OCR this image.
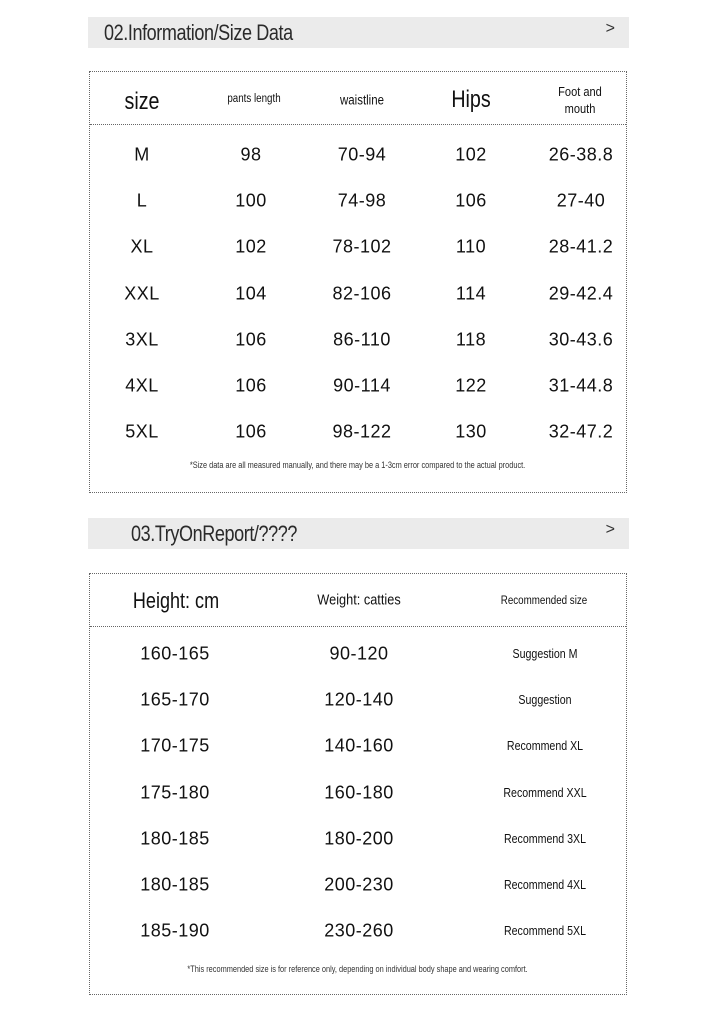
02.Information/Size Data	>
size	pants length	waistline	Hips	Foot and mouth
M	98	70-94	102	26-38.8
L	100	74-98	106	27-40
XL	102	78-102	110	28-41.2
XXL	104	82-106	114	29-42.4
3XL	106	86-110	118	30-43.6
4XL	106	90-114	122	31-44.8
5XL	106	98-122	130	32-47.2
*Size data are all measured manually, and there may be a 1-3cm error compared to the actual product.
03.TryOnReport/????	>
Height: cm	Weight: catties	Recommended size
160-165	90-120	Suggestion M
165-170	120-140	Suggestion
170-175	140-160	Recommend XL
175-180	160-180	Recommend XXL
180-185	180-200	Recommend 3XL
180-185	200-230	Recommend 4XL
185-190	230-260	Recommend 5XL
*This recommended size is for reference only, depending on individual body shape and wearing comfort.
